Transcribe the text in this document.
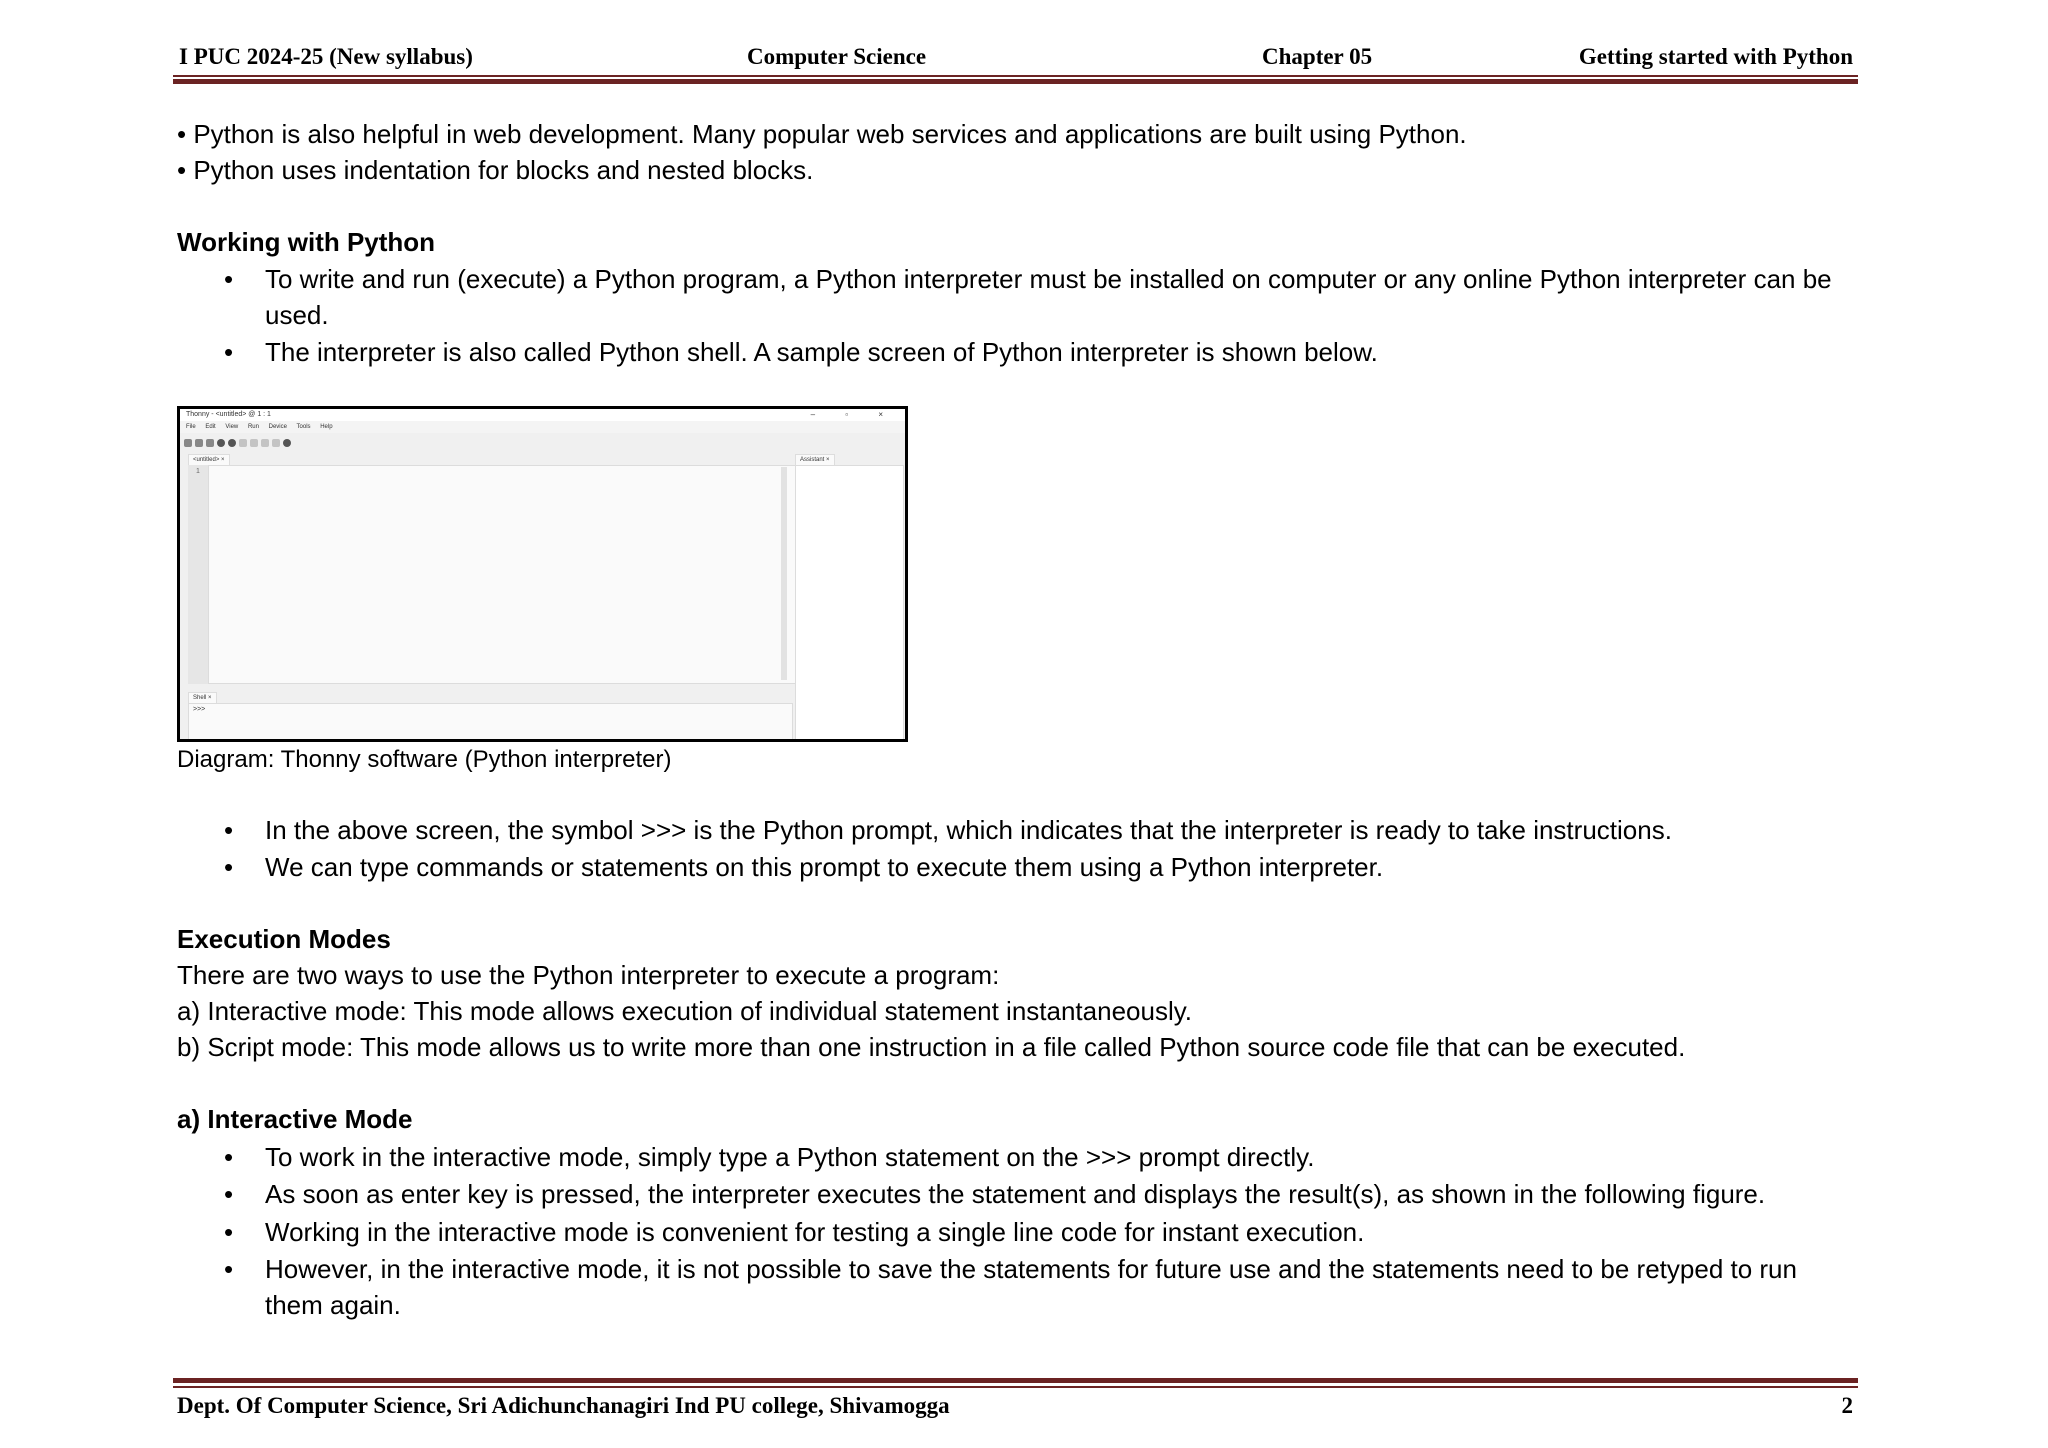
I PUC 2024-25 (New syllabus)	Computer Science	Chapter 05	Getting started with Python
• Python is also helpful in web development. Many popular web services and applications are built using Python.
• Python uses indentation for blocks and nested blocks.
Working with Python
• To write and run (execute) a Python program, a Python interpreter must be installed on computer or any online Python interpreter can be used.
• The interpreter is also called Python shell. A sample screen of Python interpreter is shown below.
Thonny - <untitled> @ 1 : 1	– ▫ ×
File Edit View Run Device Tools Help
<untitled> ×	Assistant ×
1
Shell ×
>>>
Diagram: Thonny software (Python interpreter)
• In the above screen, the symbol >>> is the Python prompt, which indicates that the interpreter is ready to take instructions.
• We can type commands or statements on this prompt to execute them using a Python interpreter.
Execution Modes
There are two ways to use the Python interpreter to execute a program:
a) Interactive mode: This mode allows execution of individual statement instantaneously.
b) Script mode: This mode allows us to write more than one instruction in a file called Python source code file that can be executed.
a) Interactive Mode
• To work in the interactive mode, simply type a Python statement on the >>> prompt directly.
• As soon as enter key is pressed, the interpreter executes the statement and displays the result(s), as shown in the following figure.
• Working in the interactive mode is convenient for testing a single line code for instant execution.
• However, in the interactive mode, it is not possible to save the statements for future use and the statements need to be retyped to run them again.
Dept. Of Computer Science, Sri Adichunchanagiri Ind PU college, Shivamogga	2
